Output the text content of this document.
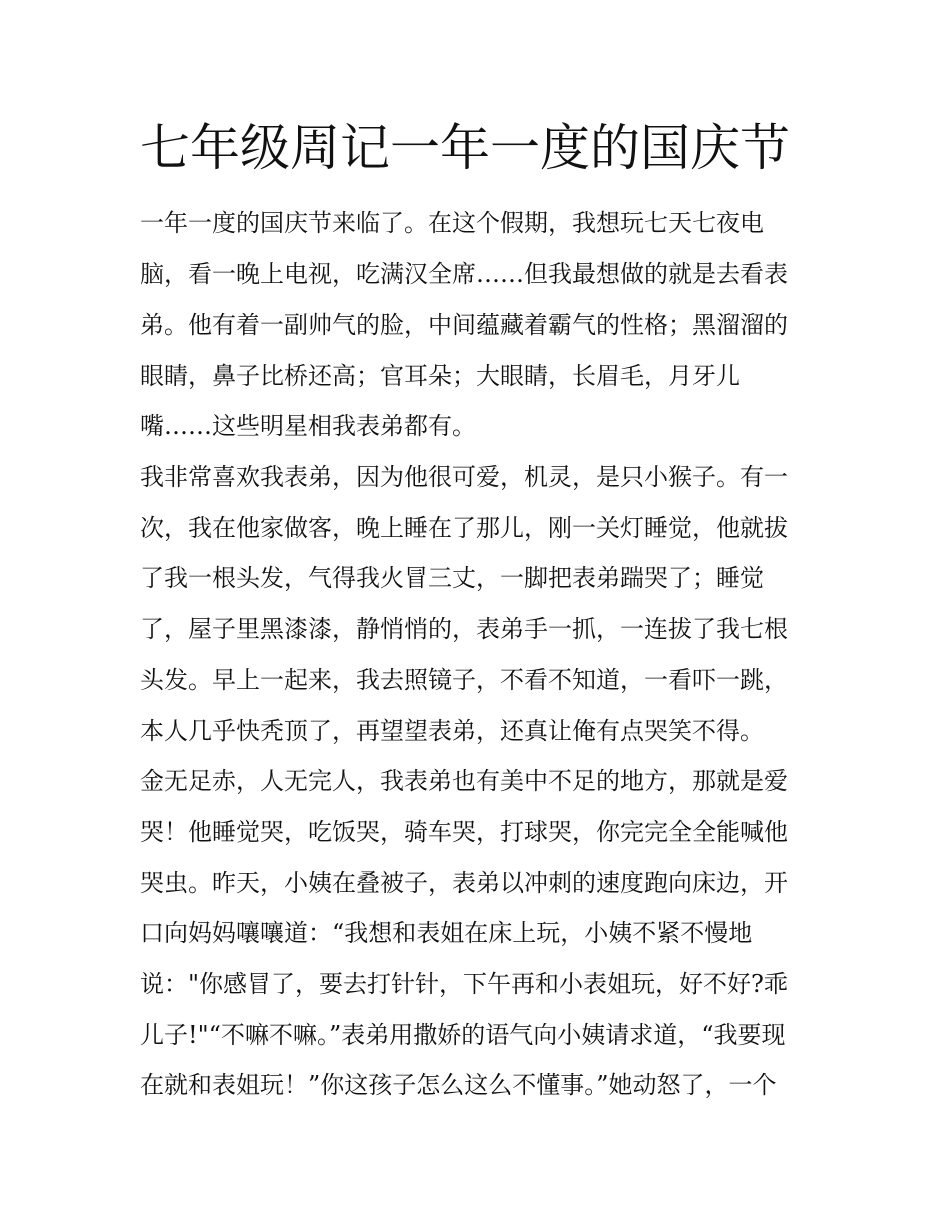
七年级周记一年一度的国庆节

一年一度的国庆节来临了。在这个假期，我想玩七天七夜电

脑，看一晚上电视，吃满汉全席……但我最想做的就是去看表

弟。他有着一副帅气的脸，中间蕴藏着霸气的性格；黑溜溜的

眼睛，鼻子比桥还高；官耳朵；大眼睛，长眉毛，月牙儿

嘴……这些明星相我表弟都有。

我非常喜欢我表弟，因为他很可爱，机灵，是只小猴子。有一

次，我在他家做客，晚上睡在了那儿，刚一关灯睡觉，他就拔

了我一根头发，气得我火冒三丈，一脚把表弟踹哭了；睡觉

了，屋子里黑漆漆，静悄悄的，表弟手一抓，一连拔了我七根

头发。早上一起来，我去照镜子，不看不知道，一看吓一跳，

本人几乎快秃顶了，再望望表弟，还真让俺有点哭笑不得。

金无足赤，人无完人，我表弟也有美中不足的地方，那就是爱

哭！他睡觉哭，吃饭哭，骑车哭，打球哭，你完完全全能喊他

哭虫。昨天，小姨在叠被子，表弟以冲刺的速度跑向床边，开

口向妈妈嚷嚷道：“我想和表姐在床上玩，小姨不紧不慢地

说："你感冒了，要去打针针，下午再和小表姐玩，好不好?乖

儿子!"“不嘛不嘛。”表弟用撒娇的语气向小姨请求道，“我要现

在就和表姐玩！”你这孩子怎么这么不懂事。”她动怒了，一个
